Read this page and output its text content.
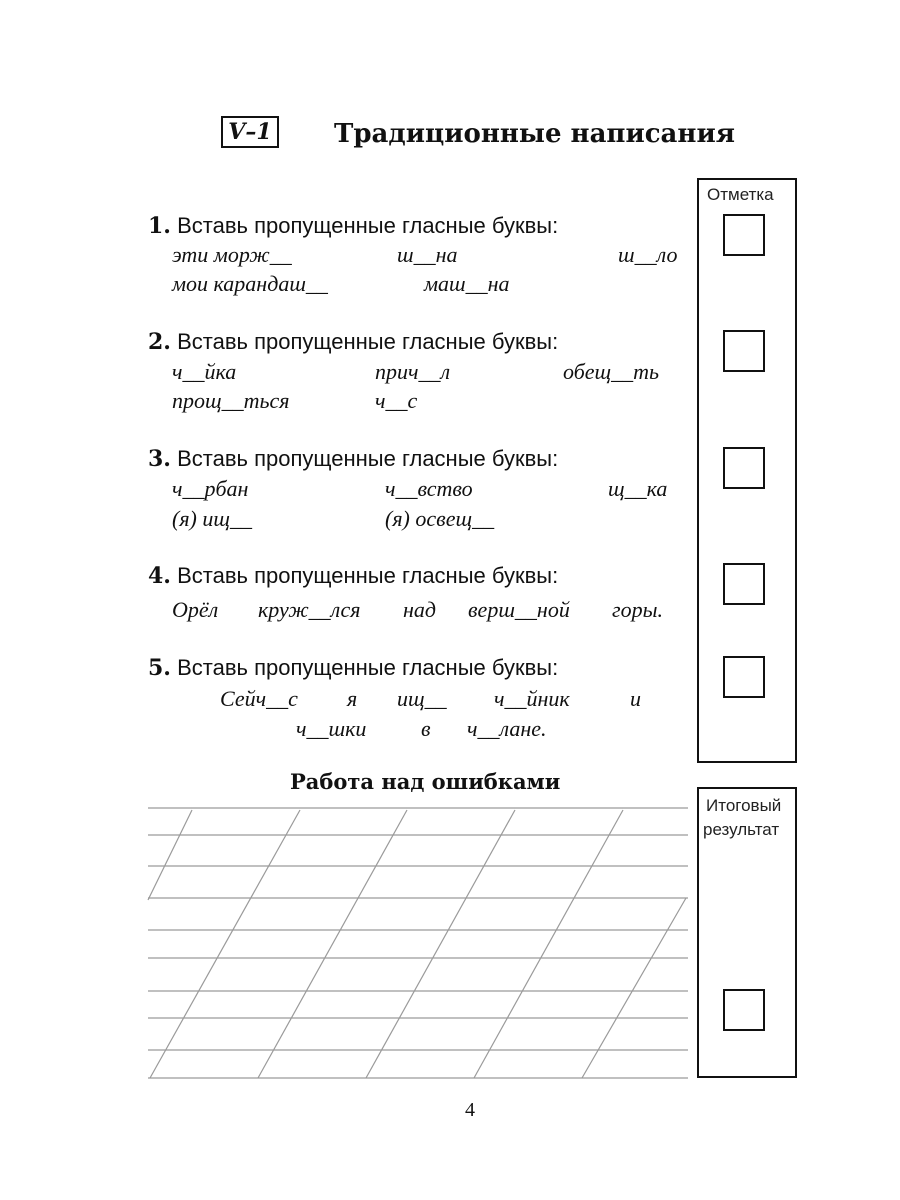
V–1 Традиционные написания
Отметка
Итоговый
результат
1. Вставь пропущенные гласные буквы:
эти морж__	ш__на	ш__ло
мои карандаш__	маш__на
2. Вставь пропущенные гласные буквы:
ч__йка	прич__л	обещ__ть
прощ__ться	ч__с
3. Вставь пропущенные гласные буквы:
ч__рбан	ч__вство	щ__ка
(я) ищ__	(я) освещ__
4. Вставь пропущенные гласные буквы:
Орёл круж__лся над верш__ной горы.
5. Вставь пропущенные гласные буквы:
Сейч__с я ищ__ ч__йник	и
ч__шки в ч__лане.
Работа над ошибками
4
